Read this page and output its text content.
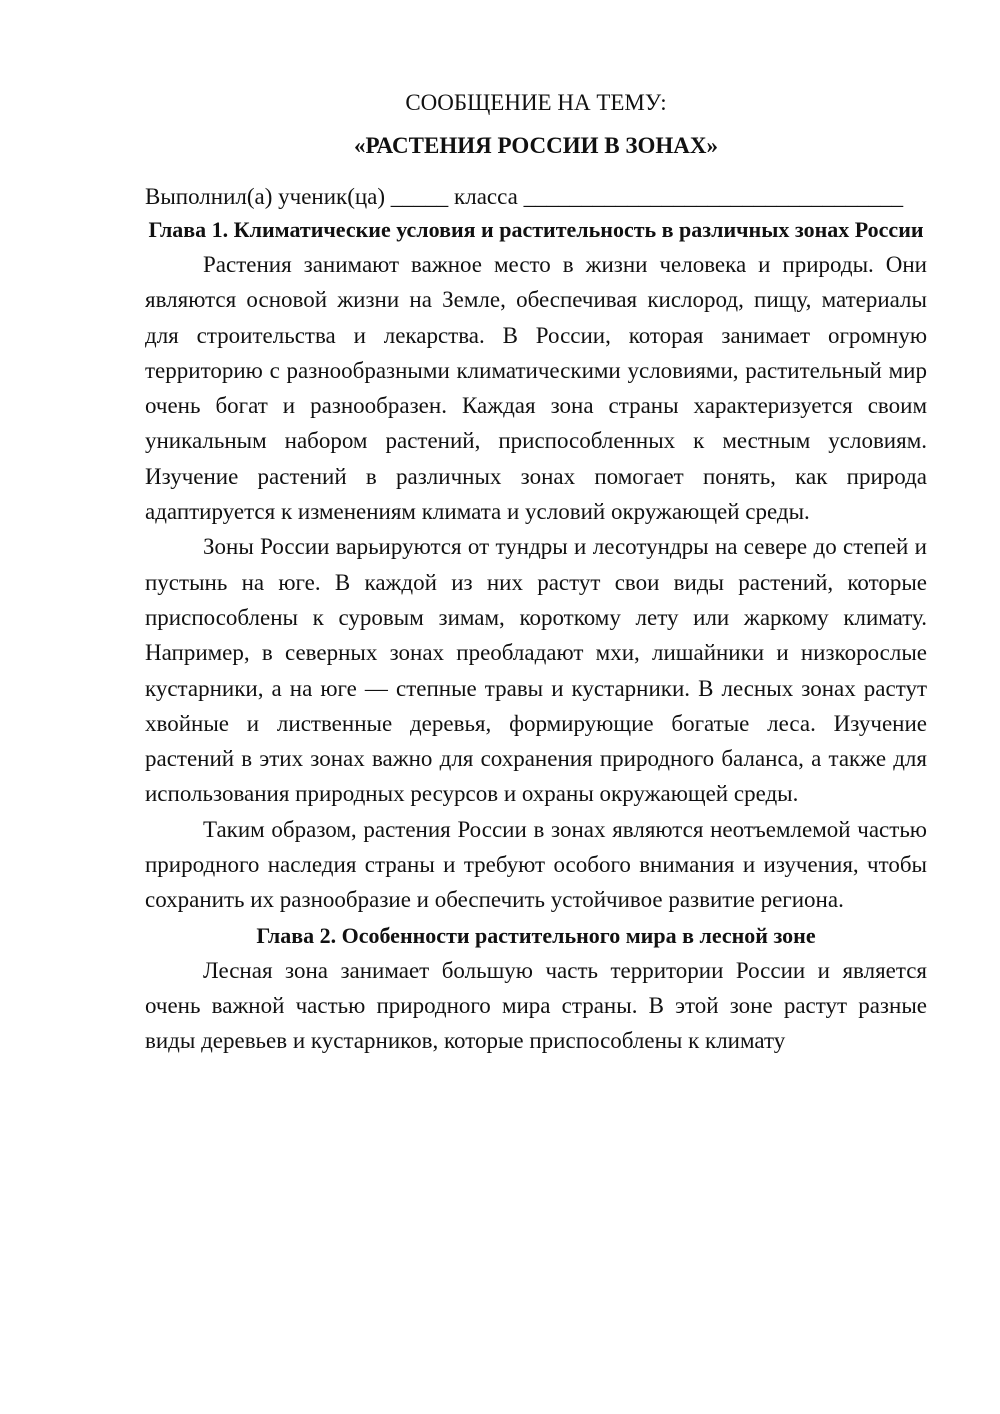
СООБЩЕНИЕ НА ТЕМУ:

«РАСТЕНИЯ РОССИИ В ЗОНАХ»

Выполнил(а) ученик(ца) _____ класса _________________________________
Глава 1. Климатические условия и растительность в различных зонах России

Растения занимают важное место в жизни человека и природы. Они являются основой жизни на Земле, обеспечивая кислород, пищу, материалы для строительства и лекарства. В России, которая занимает огромную территорию с разнообразными климатическими условиями, растительный мир очень богат и разнообразен. Каждая зона страны характеризуется своим уникальным набором растений, приспособленных к местным условиям. Изучение растений в различных зонах помогает понять, как природа адаптируется к изменениям климата и условий окружающей среды.

Зоны России варьируются от тундры и лесотундры на севере до степей и пустынь на юге. В каждой из них растут свои виды растений, которые приспособлены к суровым зимам, короткому лету или жаркому климату. Например, в северных зонах преобладают мхи, лишайники и низкорослые кустарники, а на юге — степные травы и кустарники. В лесных зонах растут хвойные и лиственные деревья, формирующие богатые леса. Изучение растений в этих зонах важно для сохранения природного баланса, а также для использования природных ресурсов и охраны окружающей среды.

Таким образом, растения России в зонах являются неотъемлемой частью природного наследия страны и требуют особого внимания и изучения, чтобы сохранить их разнообразие и обеспечить устойчивое развитие региона.

Глава 2. Особенности растительного мира в лесной зоне

Лесная зона занимает большую часть территории России и является очень важной частью природного мира страны. В этой зоне растут разные виды деревьев и кустарников, которые приспособлены к климату
